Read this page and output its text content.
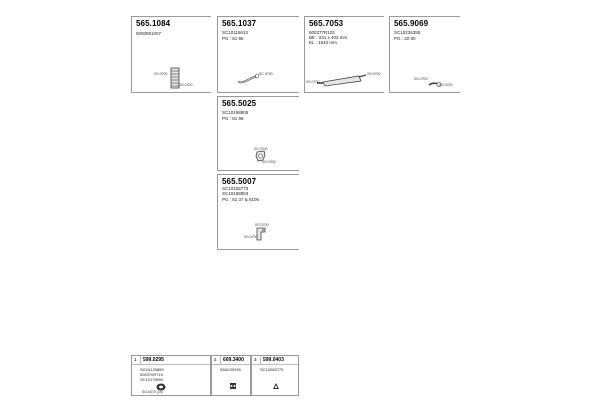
565.1084
5000951007
0G.0700
0G.0700
565.1037
SC10115613
PG : 81 96
SC.0700
565.7053
500377R102
BE : 231 x 402 mm
EL : 1642 mm
0G.0700
0G.0700
565.9069
SC10226355
PG : 20 90
0G.0700
0G.0700
565.5025
SC10158805
PG : 81 96
0G.0700
0G.0700
565.5007
SC10155773
SC10158853
PG : 81 37 & 8106
0G.0700
0G.0700
1 599.0295
SG10125859
500370R719
SC10176900
SG.0475 (1x)
2 609.3400
536C00295
3 599.0403
SC10083775
